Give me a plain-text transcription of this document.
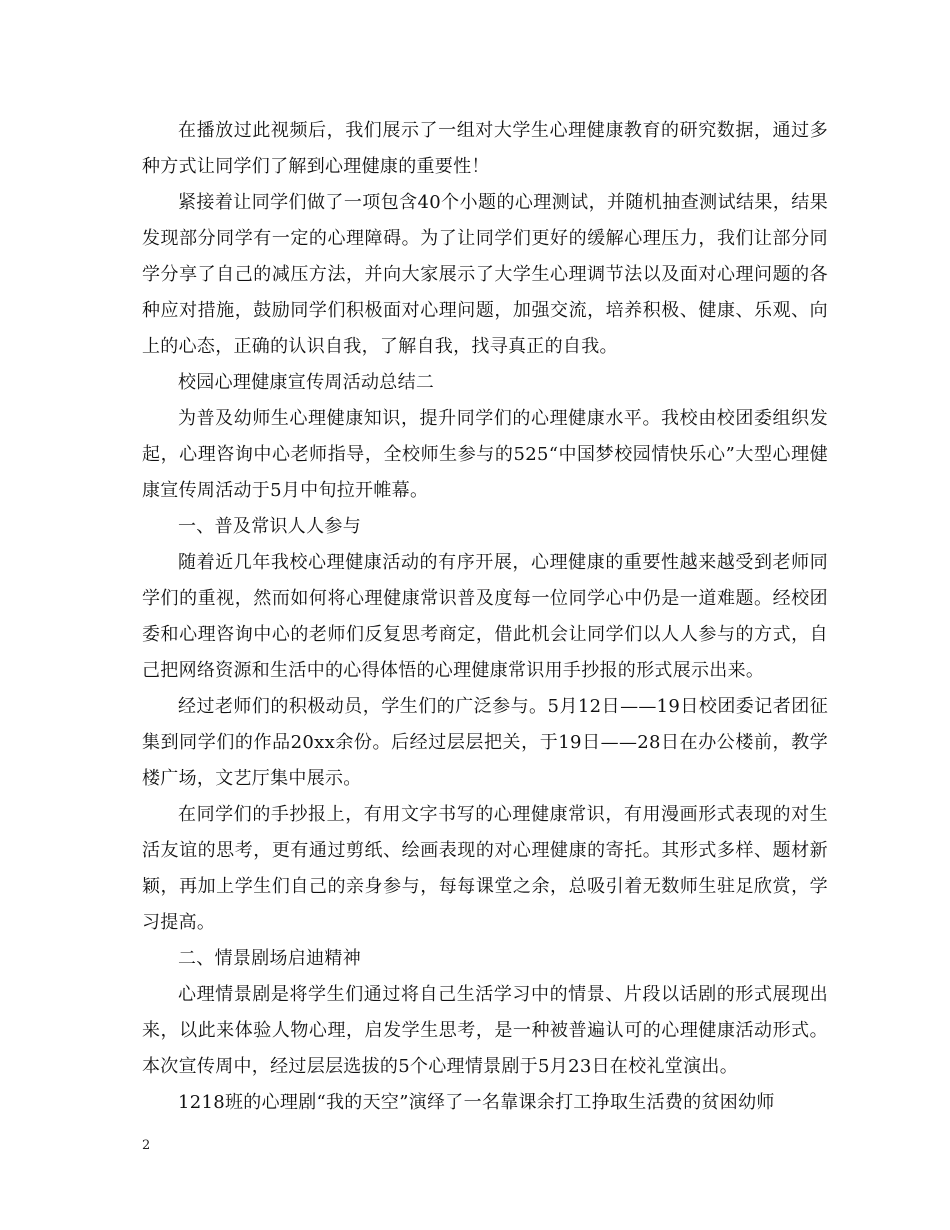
在播放过此视频后，我们展示了一组对大学生心理健康教育的研究数据，通过多种方式让同学们了解到心理健康的重要性！

紧接着让同学们做了一项包含40个小题的心理测试，并随机抽查测试结果，结果发现部分同学有一定的心理障碍。为了让同学们更好的缓解心理压力，我们让部分同学分享了自己的减压方法，并向大家展示了大学生心理调节法以及面对心理问题的各种应对措施，鼓励同学们积极面对心理问题，加强交流，培养积极、健康、乐观、向上的心态，正确的认识自我，了解自我，找寻真正的自我。

校园心理健康宣传周活动总结二

为普及幼师生心理健康知识，提升同学们的心理健康水平。我校由校团委组织发起，心理咨询中心老师指导，全校师生参与的525“中国梦校园情快乐心”大型心理健康宣传周活动于5月中旬拉开帷幕。

一、普及常识人人参与

随着近几年我校心理健康活动的有序开展，心理健康的重要性越来越受到老师同学们的重视，然而如何将心理健康常识普及度每一位同学心中仍是一道难题。经校团委和心理咨询中心的老师们反复思考商定，借此机会让同学们以人人参与的方式，自己把网络资源和生活中的心得体悟的心理健康常识用手抄报的形式展示出来。

经过老师们的积极动员，学生们的广泛参与。5月12日——19日校团委记者团征集到同学们的作品20xx余份。后经过层层把关，于19日——28日在办公楼前，教学楼广场，文艺厅集中展示。

在同学们的手抄报上，有用文字书写的心理健康常识，有用漫画形式表现的对生活友谊的思考，更有通过剪纸、绘画表现的对心理健康的寄托。其形式多样、题材新颖，再加上学生们自己的亲身参与，每每课堂之余，总吸引着无数师生驻足欣赏，学习提高。

二、情景剧场启迪精神

心理情景剧是将学生们通过将自己生活学习中的情景、片段以话剧的形式展现出来，以此来体验人物心理，启发学生思考，是一种被普遍认可的心理健康活动形式。本次宣传周中，经过层层选拔的5个心理情景剧于5月23日在校礼堂演出。

1218班的心理剧“我的天空”演绎了一名靠课余打工挣取生活费的贫困幼师

2
